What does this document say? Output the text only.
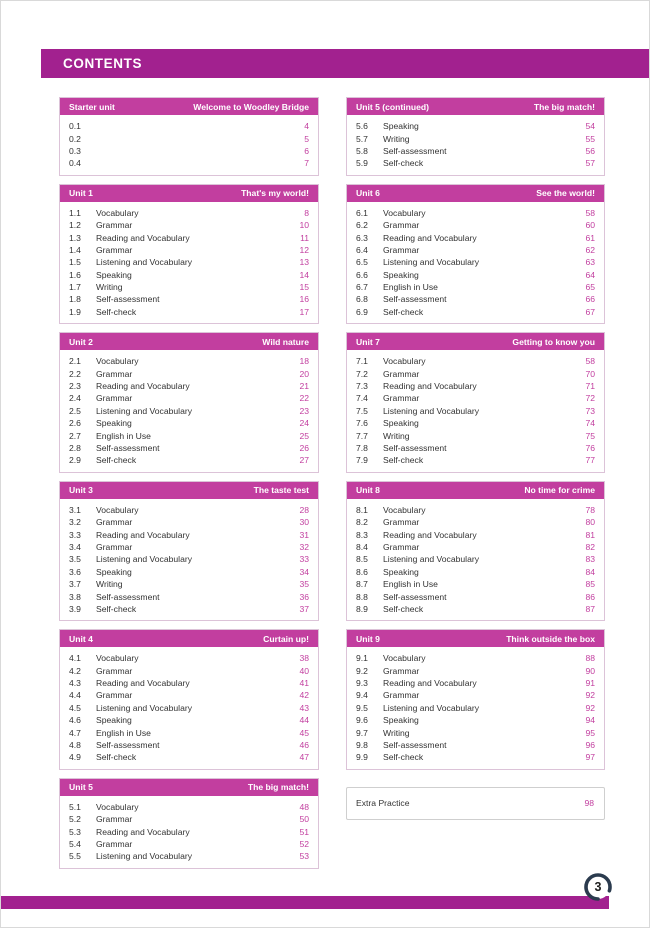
CONTENTS
Starter unit	Welcome to Woodley Bridge
0.1	4
0.2	5
0.3	6
0.4	7
Unit 1	That's my world!
1.1	Vocabulary	8
1.2	Grammar	10
1.3	Reading and Vocabulary	11
1.4	Grammar	12
1.5	Listening and Vocabulary	13
1.6	Speaking	14
1.7	Writing	15
1.8	Self-assessment	16
1.9	Self-check	17
Unit 2	Wild nature
2.1	Vocabulary	18
2.2	Grammar	20
2.3	Reading and Vocabulary	21
2.4	Grammar	22
2.5	Listening and Vocabulary	23
2.6	Speaking	24
2.7	English in Use	25
2.8	Self-assessment	26
2.9	Self-check	27
Unit 3	The taste test
3.1	Vocabulary	28
3.2	Grammar	30
3.3	Reading and Vocabulary	31
3.4	Grammar	32
3.5	Listening and Vocabulary	33
3.6	Speaking	34
3.7	Writing	35
3.8	Self-assessment	36
3.9	Self-check	37
Unit 4	Curtain up!
4.1	Vocabulary	38
4.2	Grammar	40
4.3	Reading and Vocabulary	41
4.4	Grammar	42
4.5	Listening and Vocabulary	43
4.6	Speaking	44
4.7	English in Use	45
4.8	Self-assessment	46
4.9	Self-check	47
Unit 5	The big match!
5.1	Vocabulary	48
5.2	Grammar	50
5.3	Reading and Vocabulary	51
5.4	Grammar	52
5.5	Listening and Vocabulary	53
Unit 5 (continued)	The big match!
5.6	Speaking	54
5.7	Writing	55
5.8	Self-assessment	56
5.9	Self-check	57
Unit 6	See the world!
6.1	Vocabulary	58
6.2	Grammar	60
6.3	Reading and Vocabulary	61
6.4	Grammar	62
6.5	Listening and Vocabulary	63
6.6	Speaking	64
6.7	English in Use	65
6.8	Self-assessment	66
6.9	Self-check	67
Unit 7	Getting to know you
7.1	Vocabulary	58
7.2	Grammar	70
7.3	Reading and Vocabulary	71
7.4	Grammar	72
7.5	Listening and Vocabulary	73
7.6	Speaking	74
7.7	Writing	75
7.8	Self-assessment	76
7.9	Self-check	77
Unit 8	No time for crime
8.1	Vocabulary	78
8.2	Grammar	80
8.3	Reading and Vocabulary	81
8.4	Grammar	82
8.5	Listening and Vocabulary	83
8.6	Speaking	84
8.7	English in Use	85
8.8	Self-assessment	86
8.9	Self-check	87
Unit 9	Think outside the box
9.1	Vocabulary	88
9.2	Grammar	90
9.3	Reading and Vocabulary	91
9.4	Grammar	92
9.5	Listening and Vocabulary	92
9.6	Speaking	94
9.7	Writing	95
9.8	Self-assessment	96
9.9	Self-check	97
Extra Practice	98
3
